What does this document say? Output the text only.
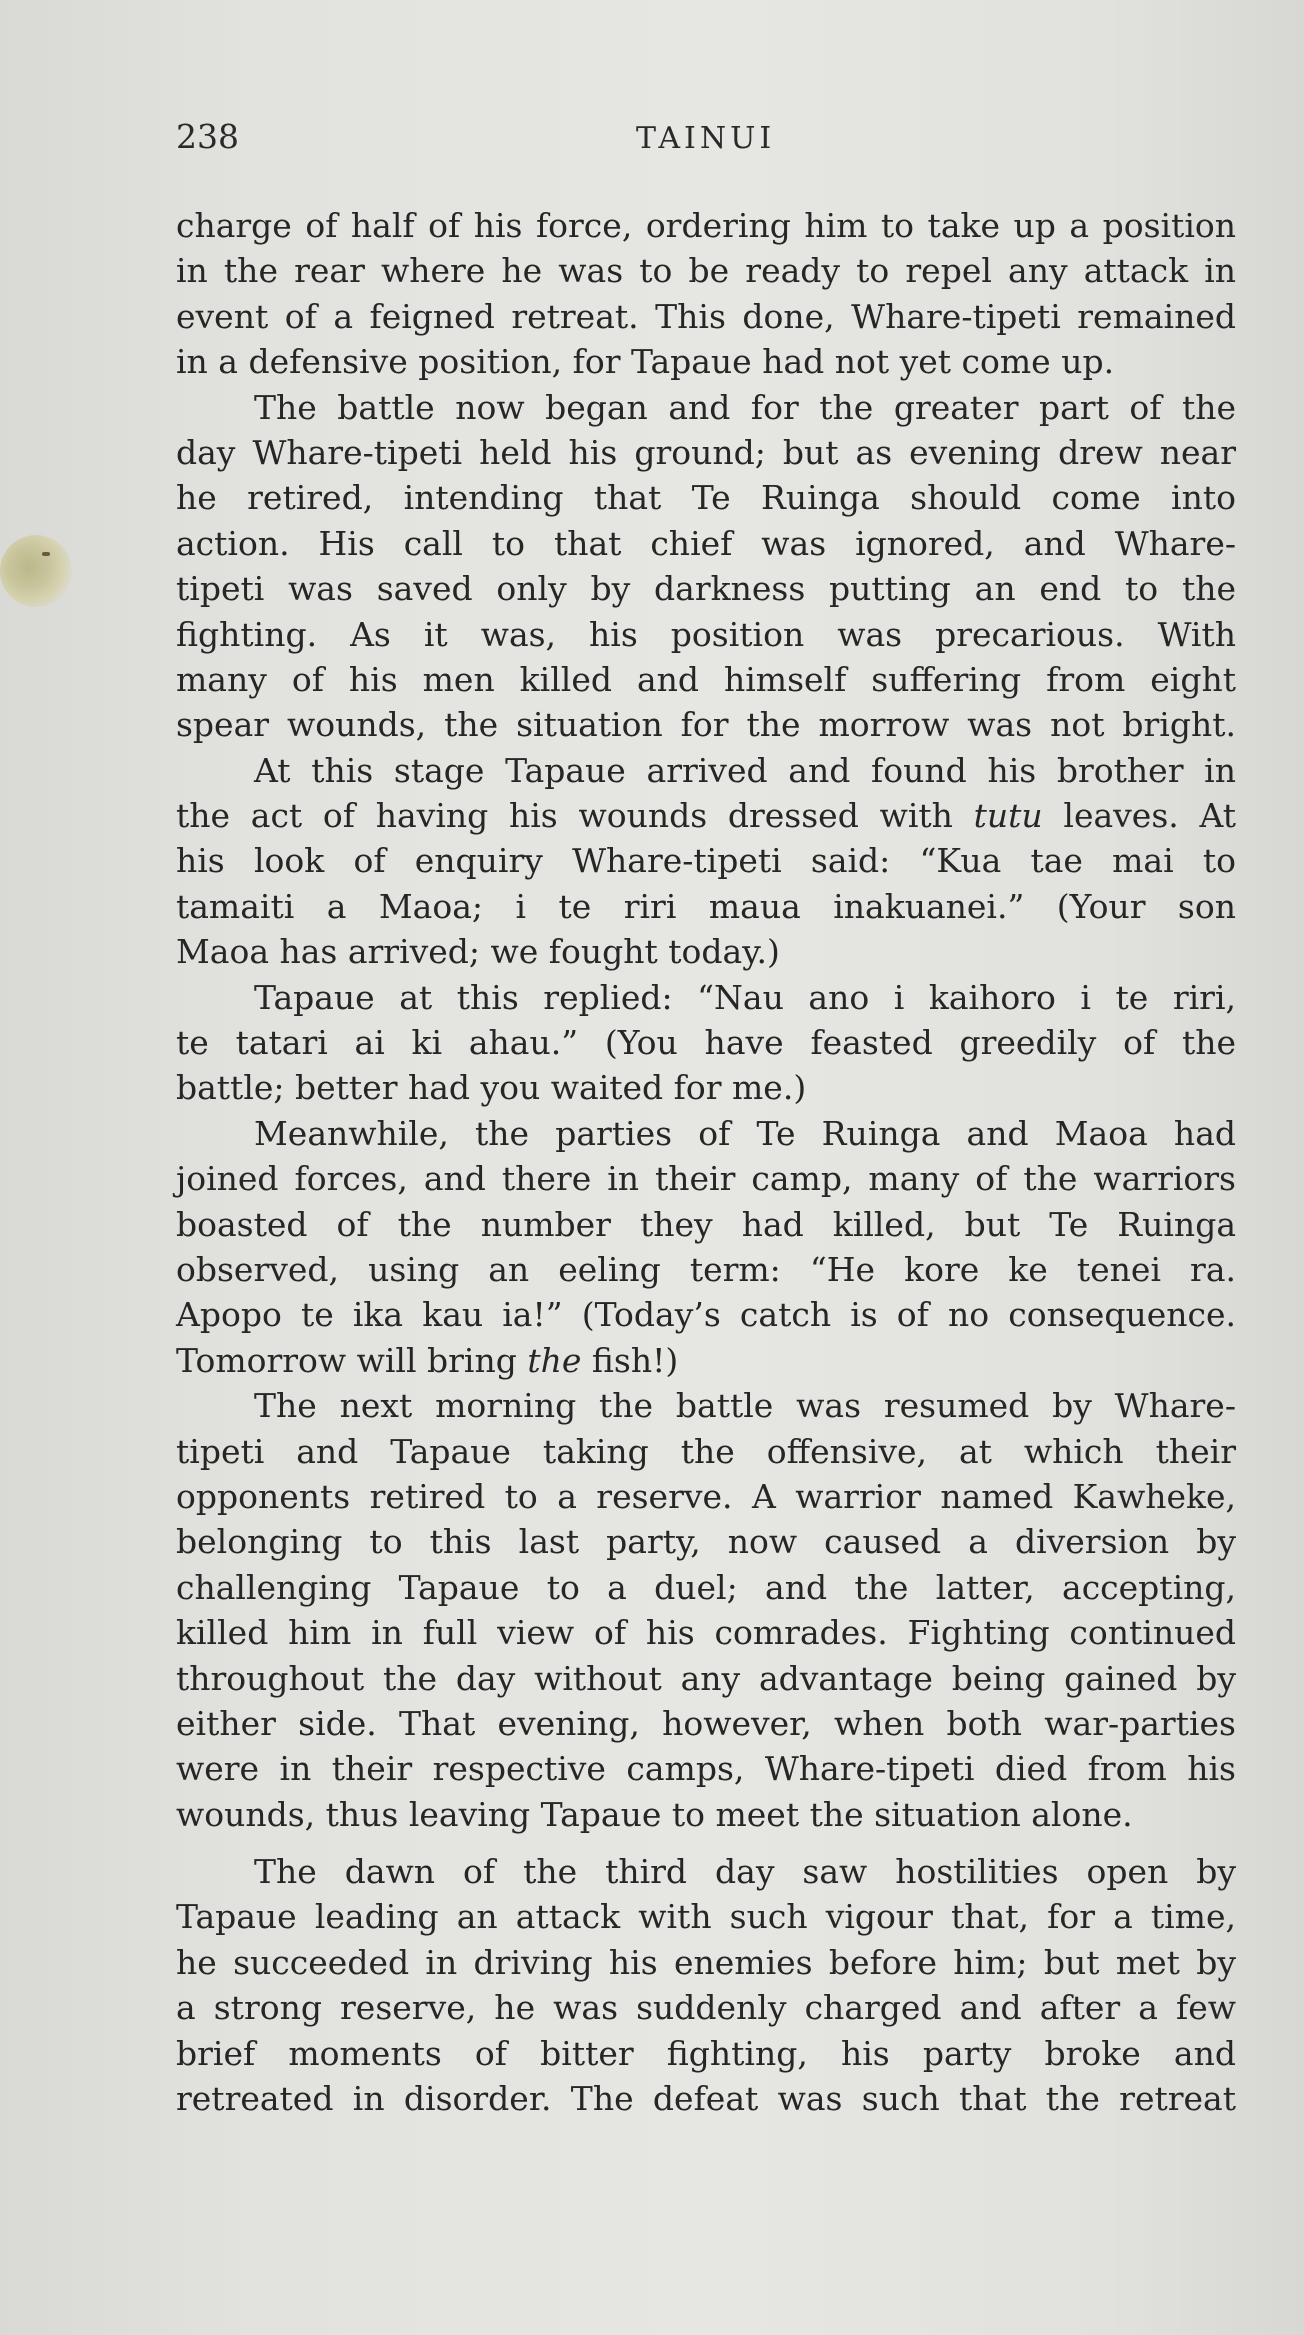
238	TAINUI
charge of half of his force, ordering him to take up a position
in the rear where he was to be ready to repel any attack in
event of a feigned retreat. This done, Whare-tipeti remained
in a defensive position, for Tapaue had not yet come up.
The battle now began and for the greater part of the
day Whare-tipeti held his ground; but as evening drew near
he retired, intending that Te Ruinga should come into
action. His call to that chief was ignored, and Whare-
tipeti was saved only by darkness putting an end to the
fighting. As it was, his position was precarious. With
many of his men killed and himself suffering from eight
spear wounds, the situation for the morrow was not bright.
At this stage Tapaue arrived and found his brother in
the act of having his wounds dressed with tutu leaves. At
his look of enquiry Whare-tipeti said: “Kua tae mai to
tamaiti a Maoa; i te riri maua inakuanei.” (Your son
Maoa has arrived; we fought today.)
Tapaue at this replied: “Nau ano i kaihoro i te riri,
te tatari ai ki ahau.” (You have feasted greedily of the
battle; better had you waited for me.)
Meanwhile, the parties of Te Ruinga and Maoa had
joined forces, and there in their camp, many of the warriors
boasted of the number they had killed, but Te Ruinga
observed, using an eeling term: “He kore ke tenei ra.
Apopo te ika kau ia!” (Today’s catch is of no consequence.
Tomorrow will bring the fish!)
The next morning the battle was resumed by Whare-
tipeti and Tapaue taking the offensive, at which their
opponents retired to a reserve. A warrior named Kawheke,
belonging to this last party, now caused a diversion by
challenging Tapaue to a duel; and the latter, accepting,
killed him in full view of his comrades. Fighting continued
throughout the day without any advantage being gained by
either side. That evening, however, when both war-parties
were in their respective camps, Whare-tipeti died from his
wounds, thus leaving Tapaue to meet the situation alone.
The dawn of the third day saw hostilities open by
Tapaue leading an attack with such vigour that, for a time,
he succeeded in driving his enemies before him; but met by
a strong reserve, he was suddenly charged and after a few
brief moments of bitter fighting, his party broke and
retreated in disorder. The defeat was such that the retreat
